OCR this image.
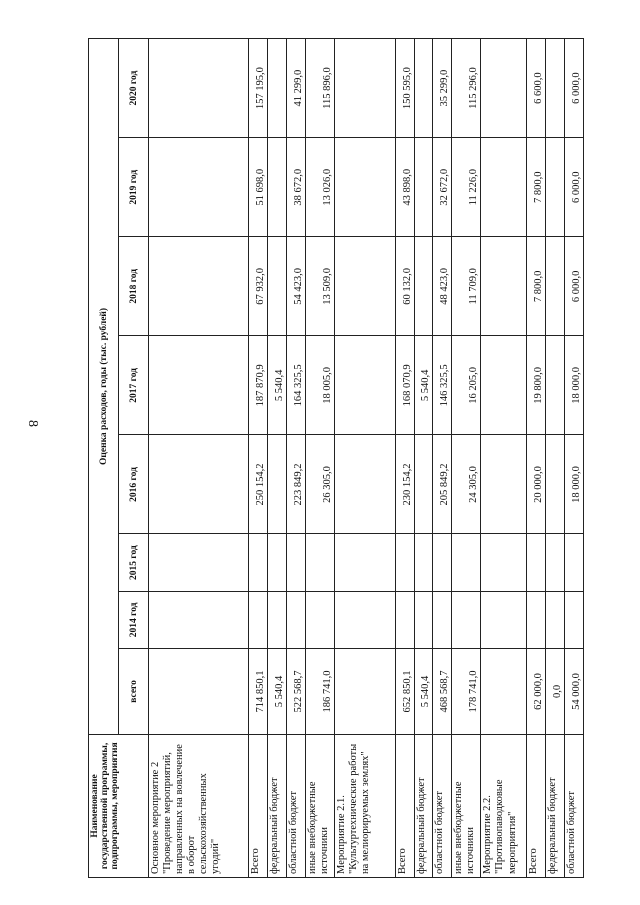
8
Наименование государственной программы, подпрограммы, мероприятия	Оценка расходов, годы (тыс. рублей)							
	всего	2014 год	2015 год	2016 год	2017 год	2018 год	2019 год	2020 год
Основное мероприятие 2 "Проведение мероприятий, направленных на вовлечение в оборот сельскохозяйственных угодий"								
Всего	714 850,1			250 154,2	187 870,9	67 932,0	51 698,0	157 195,0
федеральный бюджет	5 540,4				5 540,4			
областной бюджет	522 568,7			223 849,2	164 325,5	54 423,0	38 672,0	41 299,0
иные внебюджетные источники	186 741,0			26 305,0	18 005,0	13 509,0	13 026,0	115 896,0
Мероприятие 2.1. "Культуртехнические работы на мелиорируемых землях"								
Всего	652 850,1			230 154,2	168 070,9	60 132,0	43 898,0	150 595,0
федеральный бюджет	5 540,4				5 540,4			
областной бюджет	468 568,7			205 849,2	146 325,5	48 423,0	32 672,0	35 299,0
иные внебюджетные источники	178 741,0			24 305,0	16 205,0	11 709,0	11 226,0	115 296,0
Мероприятие 2.2. "Противопаводковые мероприятия"								
Всего	62 000,0			20 000,0	19 800,0	7 800,0	7 800,0	6 600,0
федеральный бюджет	0,0							
областной бюджет	54 000,0			18 000,0	18 000,0	6 000,0	6 000,0	6 000,0
